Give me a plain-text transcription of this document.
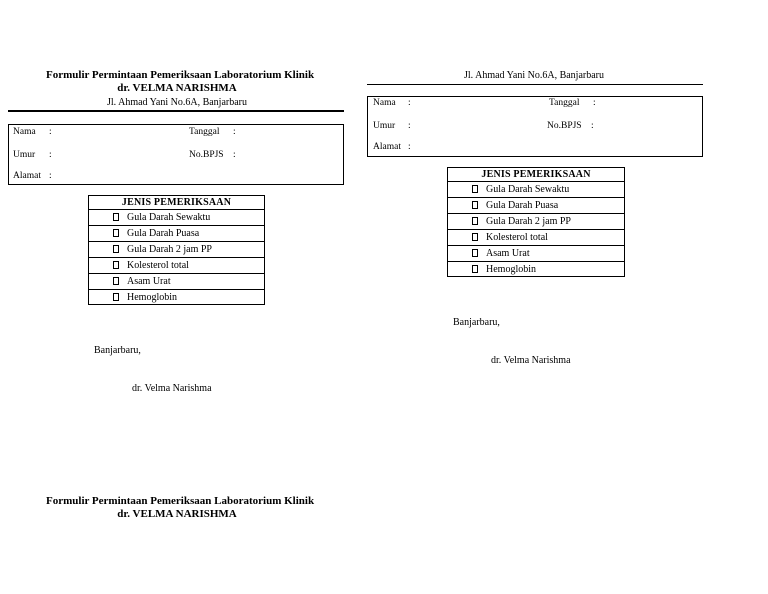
Formulir Permintaan Pemeriksaan Laboratorium Klinik
dr. VELMA NARISHMA
Jl. Ahmad Yani No.6A, Banjarbaru
Nama :	Tanggal :
Umur :	No.BPJS :
Alamat :
JENIS PEMERIKSAAN
Gula Darah Sewaktu
Gula Darah Puasa
Gula Darah 2 jam PP
Kolesterol total
Asam Urat
Hemoglobin
Banjarbaru,
dr. Velma Narishma
Jl. Ahmad Yani No.6A, Banjarbaru
Nama :	Tanggal :
Umur :	No.BPJS :
Alamat :
JENIS PEMERIKSAAN
Gula Darah Sewaktu
Gula Darah Puasa
Gula Darah 2 jam PP
Kolesterol total
Asam Urat
Hemoglobin
Banjarbaru,
dr. Velma Narishma
Formulir Permintaan Pemeriksaan Laboratorium Klinik
dr. VELMA NARISHMA
